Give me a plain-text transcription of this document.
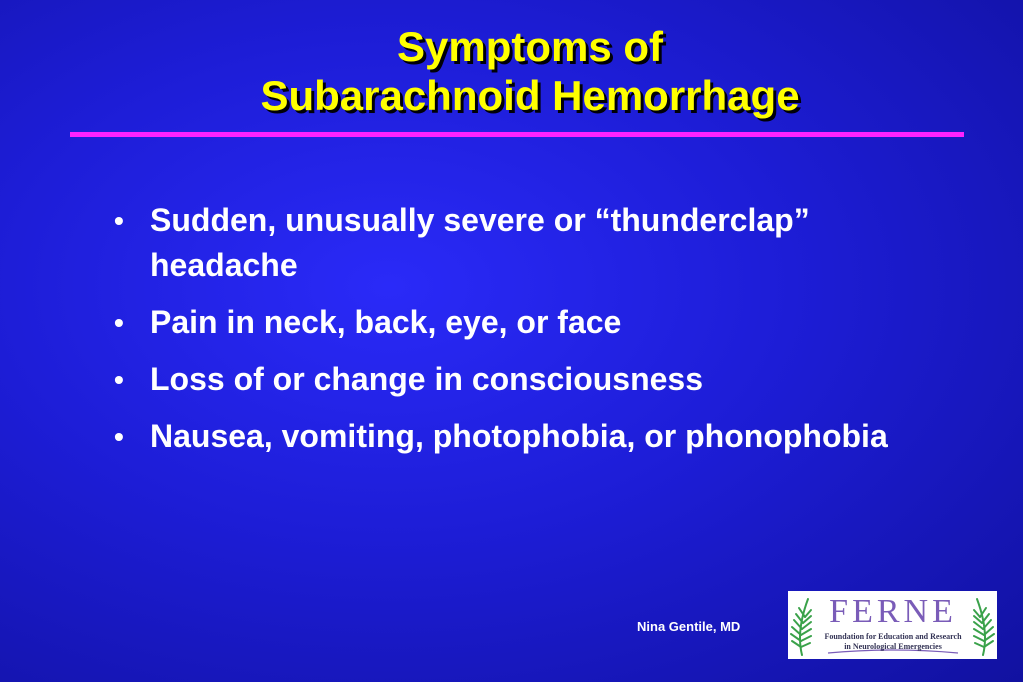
Symptoms of
Subarachnoid Hemorrhage
• Sudden, unusually severe or “thunderclap” headache
• Pain in neck, back, eye, or face
• Loss of or change in consciousness
• Nausea, vomiting, photophobia, or phonophobia
Nina Gentile, MD	FERNE
Foundation for Education and Research
in Neurological Emergencies
